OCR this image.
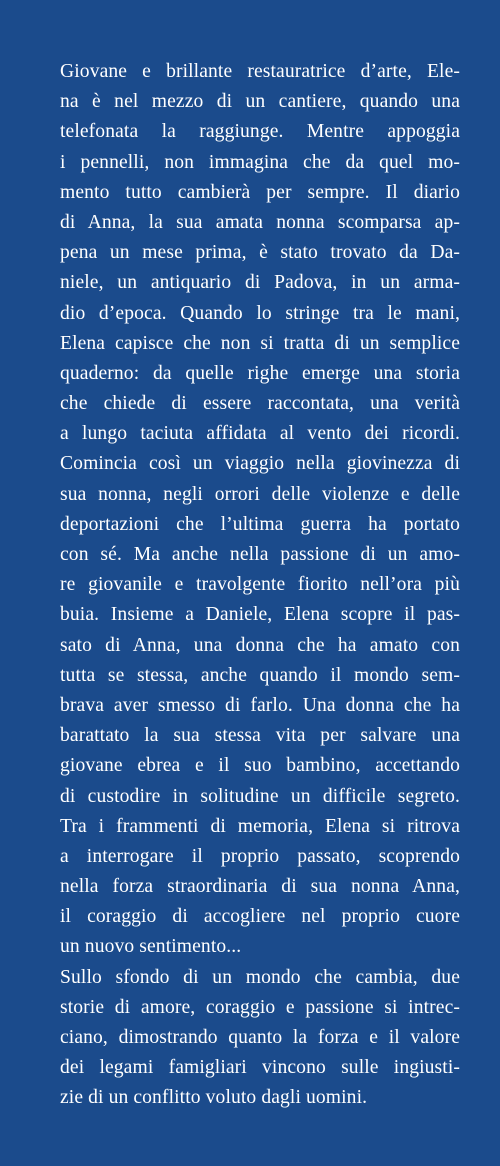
Giovane e brillante restauratrice d’arte, Ele-
na è nel mezzo di un cantiere, quando una
telefonata la raggiunge. Mentre appoggia
i pennelli, non immagina che da quel mo-
mento tutto cambierà per sempre. Il diario
di Anna, la sua amata nonna scomparsa ap-
pena un mese prima, è stato trovato da Da-
niele, un antiquario di Padova, in un arma-
dio d’epoca. Quando lo stringe tra le mani,
Elena capisce che non si tratta di un semplice
quaderno: da quelle righe emerge una storia
che chiede di essere raccontata, una verità
a lungo taciuta affidata al vento dei ricordi.
Comincia così un viaggio nella giovinezza di
sua nonna, negli orrori delle violenze e delle
deportazioni che l’ultima guerra ha portato
con sé. Ma anche nella passione di un amo-
re giovanile e travolgente fiorito nell’ora più
buia. Insieme a Daniele, Elena scopre il pas-
sato di Anna, una donna che ha amato con
tutta se stessa, anche quando il mondo sem-
brava aver smesso di farlo. Una donna che ha
barattato la sua stessa vita per salvare una
giovane ebrea e il suo bambino, accettando
di custodire in solitudine un difficile segreto.
Tra i frammenti di memoria, Elena si ritrova
a interrogare il proprio passato, scoprendo
nella forza straordinaria di sua nonna Anna,
il coraggio di accogliere nel proprio cuore
un nuovo sentimento...
Sullo sfondo di un mondo che cambia, due
storie di amore, coraggio e passione si intrec-
ciano, dimostrando quanto la forza e il valore
dei legami famigliari vincono sulle ingiusti-
zie di un conflitto voluto dagli uomini.
